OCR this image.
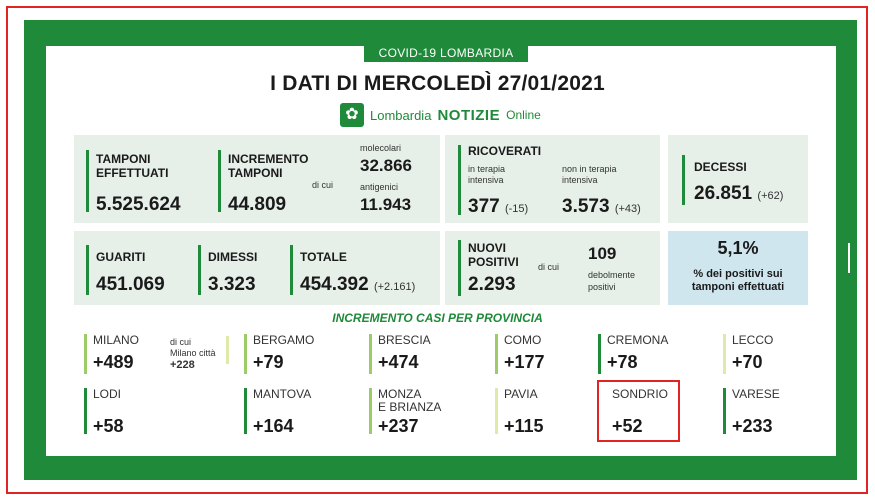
COVID-19 LOMBARDIA
I DATI DI MERCOLEDÌ 27/01/2021
✿ Lombardia NOTIZIE Online
TAMPONI
EFFETTUATI
5.525.624
INCREMENTO
TAMPONI
44.809
di cui
molecolari
32.866
antigenici
11.943
RICOVERATI
in terapia
intensiva
377 (-15)
non in terapia
intensiva
3.573 (+43)
DECESSI
26.851 (+62)
GUARITI
451.069
DIMESSI
3.323
TOTALE
454.392 (+2.161)
NUOVI
POSITIVI
2.293
di cui
109
debolmente
positivi
5,1%
% dei positivi sui
tamponi effettuati
INCREMENTO CASI PER PROVINCIA
MILANO
+489
di cui
Milano città
+228
BERGAMO
+79
BRESCIA
+474
COMO
+177
CREMONA
+78
LECCO
+70
LODI
+58
MANTOVA
+164
MONZA
E BRIANZA
+237
PAVIA
+115
SONDRIO
+52
VARESE
+233
